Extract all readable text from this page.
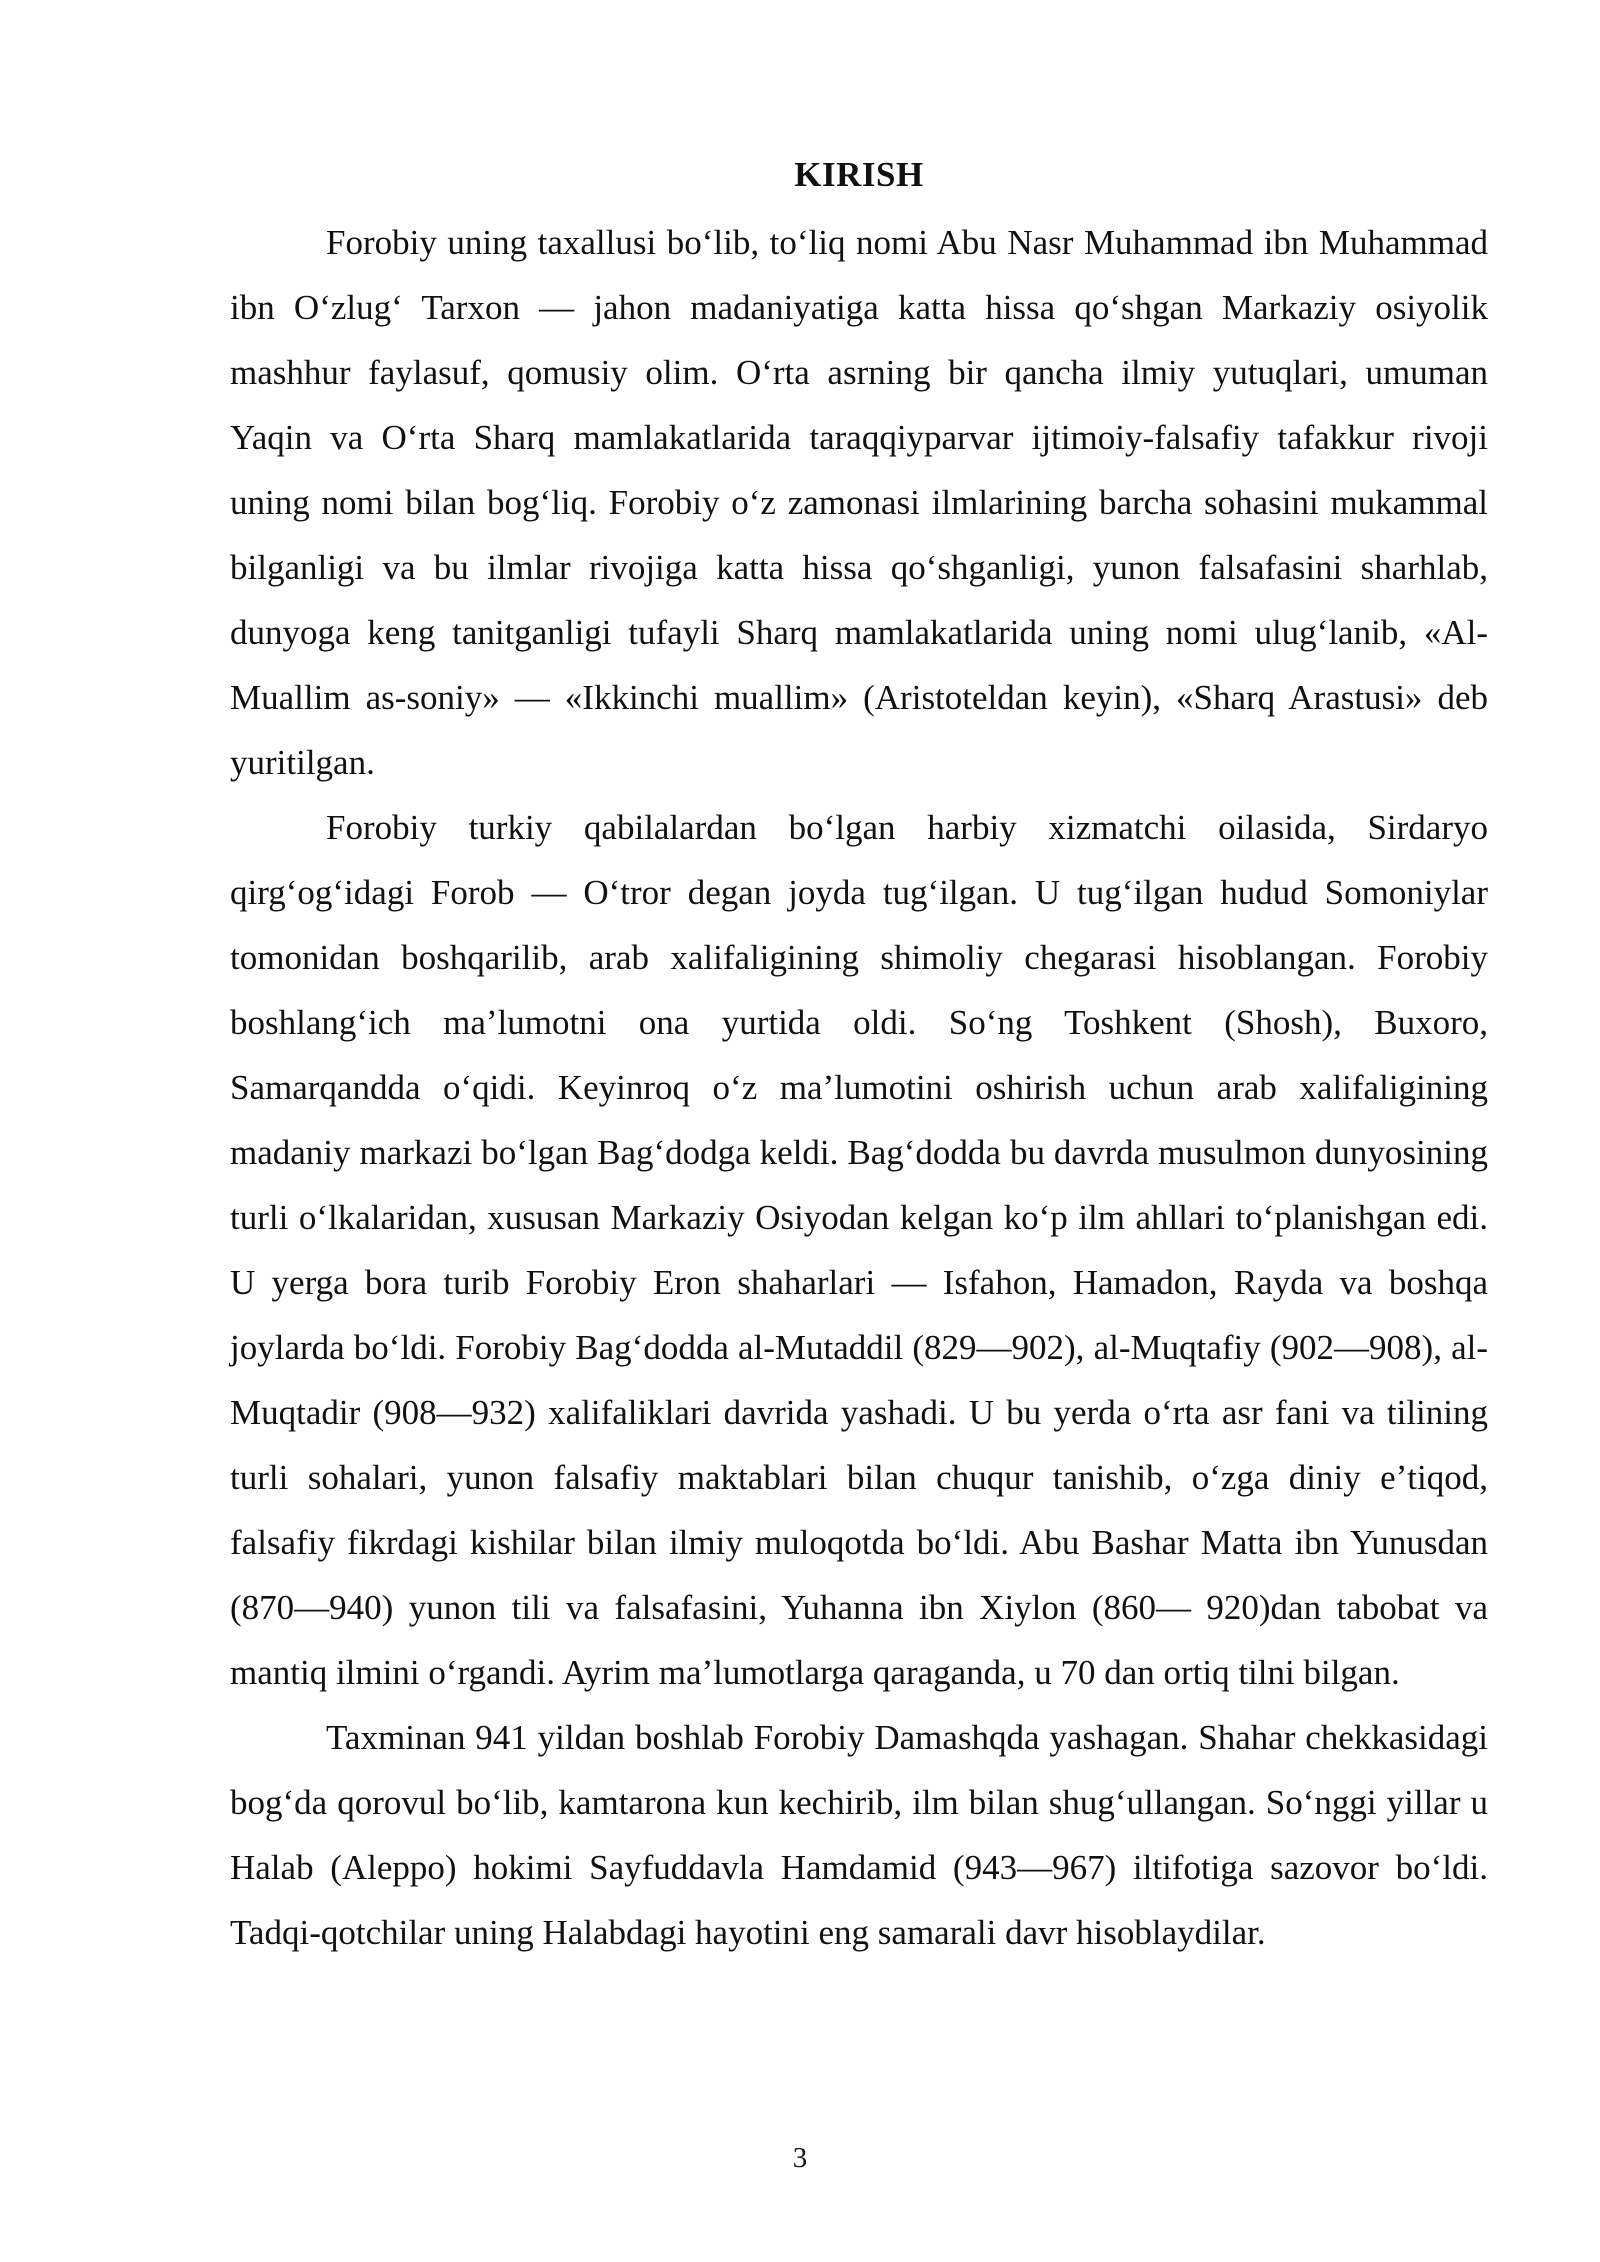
KIRISH

Forobiy uning taxallusi boʻlib, toʻliq nomi Abu Nasr Muhammad ibn Muhammad ibn Oʻzlugʻ Tarxon — jahon madaniyatiga katta hissa qoʻshgan Markaziy osiyolik mashhur faylasuf, qomusiy olim. Oʻrta asrning bir qancha ilmiy yutuqlari, umuman Yaqin va Oʻrta Sharq mamlakatlarida taraqqiyparvar ijtimoiy-falsafiy tafakkur rivoji uning nomi bilan bogʻliq. Forobiy oʻz zamonasi ilmlarining barcha sohasini mukammal bilganligi va bu ilmlar rivojiga katta hissa qoʻshganligi, yunon falsafasini sharhlab, dunyoga keng tanitganligi tufayli Sharq mamlakatlarida uning nomi ulugʻlanib, «Al-Muallim as-soniy» — «Ikkinchi muallim» (Aristoteldan keyin), «Sharq Arastusi» deb yuritilgan.

Forobiy turkiy qabilalardan boʻlgan harbiy xizmatchi oilasida, Sirdaryo qirgʻogʻidagi Forob — Oʻtror degan joyda tugʻilgan. U tugʻilgan hudud Somoniylar tomonidan boshqarilib, arab xalifaligining shimoliy chegarasi hisoblangan. Forobiy boshlangʻich maʼlumotni ona yurtida oldi. Soʻng Toshkent (Shosh), Buxoro, Samarqandda oʻqidi. Keyinroq oʻz maʼlumotini oshirish uchun arab xalifaligining madaniy markazi boʻlgan Bagʻdodga keldi. Bagʻdodda bu davrda musulmon dunyosining turli oʻlkalaridan, xususan Markaziy Osiyodan kelgan koʻp ilm ahllari toʻplanishgan edi. U yerga bora turib Forobiy Eron shaharlari — Isfahon, Hamadon, Rayda va boshqa joylarda boʻldi. Forobiy Bagʻdodda al-Mutaddil (829—902), al-Muqtafiy (902—908), al-Muqtadir (908—932) xalifaliklari davrida yashadi. U bu yerda oʻrta asr fani va tilining turli sohalari, yunon falsafiy maktablari bilan chuqur tanishib, oʻzga diniy eʼtiqod, falsafiy fikrdagi kishilar bilan ilmiy muloqotda boʻldi. Abu Bashar Matta ibn Yunusdan (870—940) yunon tili va falsafasini, Yuhanna ibn Xiylon (860— 920)dan tabobat va mantiq ilmini oʻrgandi. Ayrim maʼlumotlarga qaraganda, u 70 dan ortiq tilni bilgan.

Taxminan 941 yildan boshlab Forobiy Damashqda yashagan. Shahar chekkasidagi bogʻda qorovul boʻlib, kamtarona kun kechirib, ilm bilan shugʻullangan. Soʻnggi yillar u Halab (Aleppo) hokimi Sayfuddavla Hamdamid (943—967) iltifotiga sazovor boʻldi. Tadqi-qotchilar uning Halabdagi hayotini eng samarali davr hisoblaydilar.

3
